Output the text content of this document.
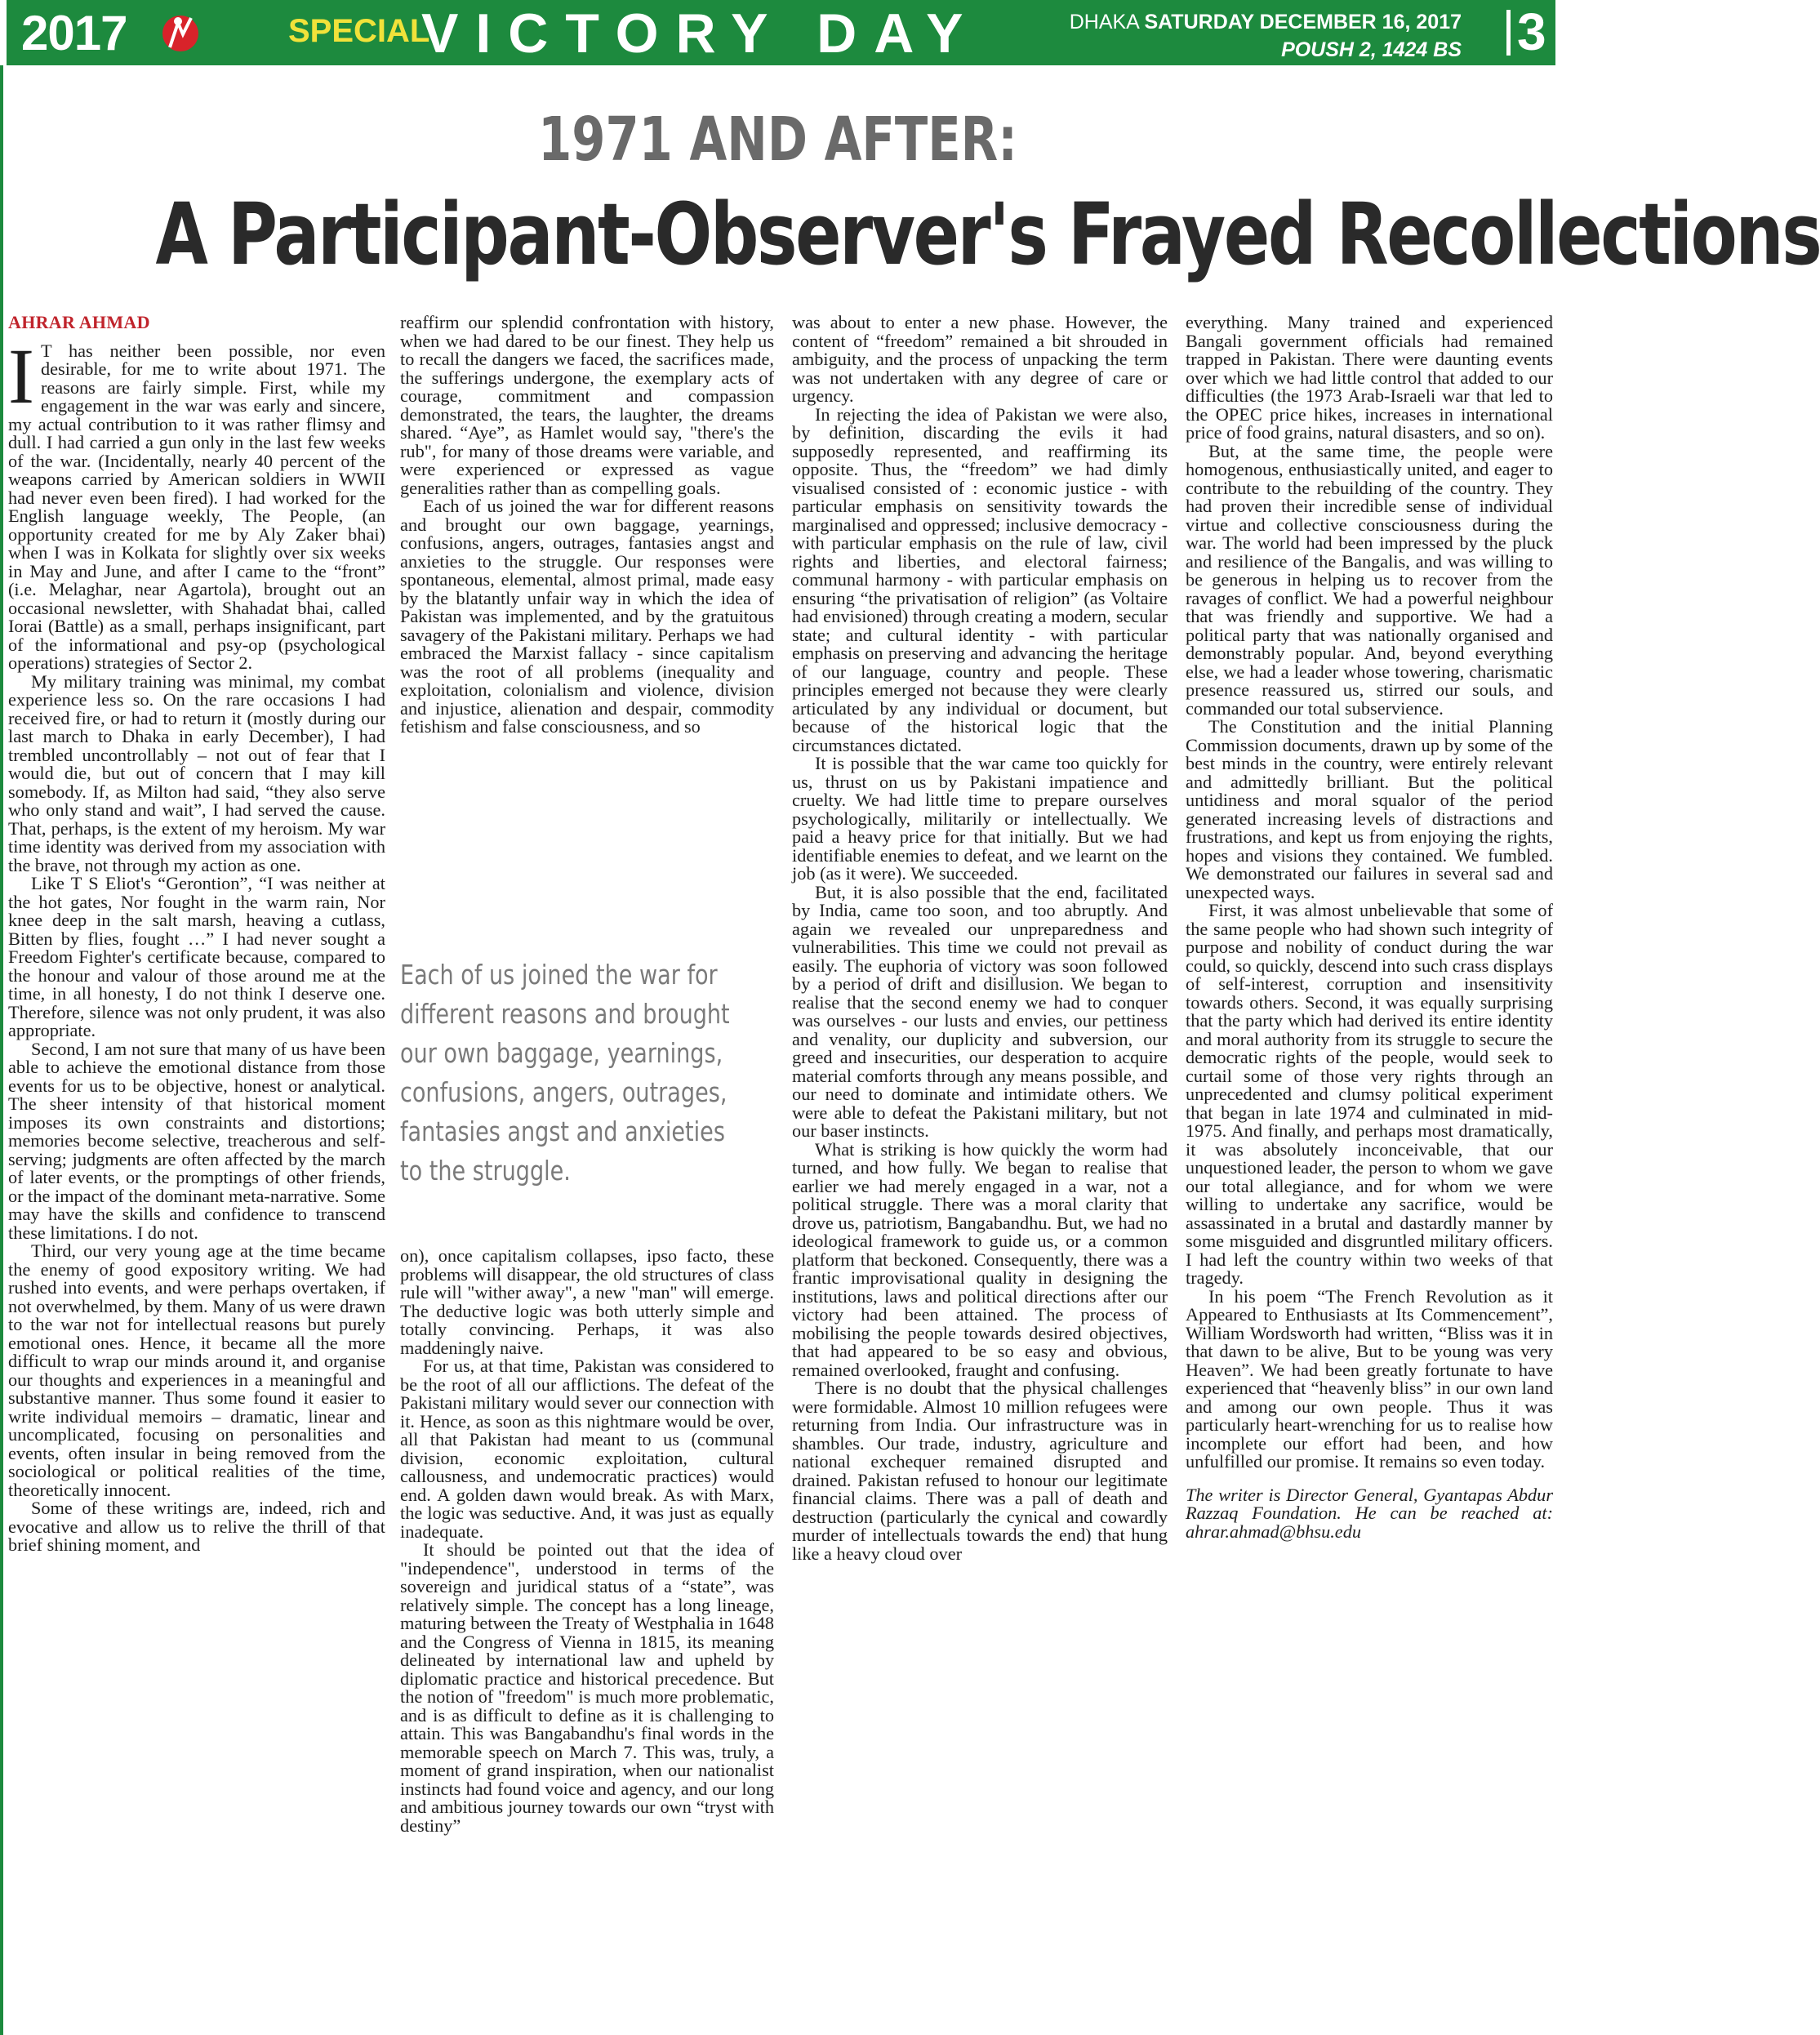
2017	SPECIAL
VICTORY DAY	DHAKA SATURDAY DECEMBER 16, 2017
POUSH 2, 1424 BS 3
1971 AND AFTER:
A Participant-Observer's Frayed Recollections
AHRAR AHMAD

I T has neither been possible, nor even desirable, for me to write about 1971. The reasons are fairly simple. First, while my engagement in the war was early and sincere, my actual contribution to it was rather flimsy and dull. I had carried a gun only in the last few weeks of the war. (Incidentally, nearly 40 percent of the weapons carried by American soldiers in WWII had never even been fired). I had worked for the English language weekly, The People, (an opportunity created for me by Aly Zaker bhai) when I was in Kolkata for slightly over six weeks in May and June, and after I came to the “front” (i.e. Melaghar, near Agartola), brought out an occasional newsletter, with Shahadat bhai, called Iorai (Battle) as a small, perhaps insignificant, part of the informational and psy-op (psychological operations) strategies of Sector 2.

My military training was minimal, my combat experience less so. On the rare occasions I had received fire, or had to return it (mostly during our last march to Dhaka in early December), I had trembled uncontrollably – not out of fear that I would die, but out of concern that I may kill somebody. If, as Milton had said, “they also serve who only stand and wait”, I had served the cause. That, perhaps, is the extent of my heroism. My war time identity was derived from my association with the brave, not through my action as one.

Like T S Eliot's “Gerontion”, “I was neither at the hot gates, Nor fought in the warm rain, Nor knee deep in the salt marsh, heaving a cutlass, Bitten by flies, fought …” I had never sought a Freedom Fighter's certificate because, compared to the honour and valour of those around me at the time, in all honesty, I do not think I deserve one. Therefore, silence was not only prudent, it was also appropriate.

Second, I am not sure that many of us have been able to achieve the emotional distance from those events for us to be objective, honest or analytical. The sheer intensity of that historical moment imposes its own constraints and distortions; memories become selective, treacherous and self-serving; judgments are often affected by the march of later events, or the promptings of other friends, or the impact of the dominant meta-narrative. Some may have the skills and confidence to transcend these limitations. I do not.

Third, our very young age at the time became the enemy of good expository writing. We had rushed into events, and were perhaps overtaken, if not overwhelmed, by them. Many of us were drawn to the war not for intellectual reasons but purely emotional ones. Hence, it became all the more difficult to wrap our minds around it, and organise our thoughts and experiences in a meaningful and substantive manner. Thus some found it easier to write individual memoirs – dramatic, linear and uncomplicated, focusing on personalities and events, often insular in being removed from the sociological or political realities of the time, theoretically innocent.

Some of these writings are, indeed, rich and evocative and allow us to relive the thrill of that brief shining moment, and

reaffirm our splendid confrontation with history, when we had dared to be our finest. They help us to recall the dangers we faced, the sacrifices made, the sufferings undergone, the exemplary acts of courage, commitment and compassion demonstrated, the tears, the laughter, the dreams shared. “Aye”, as Hamlet would say, "there's the rub", for many of those dreams were variable, and were experienced or expressed as vague generalities rather than as compelling goals.

Each of us joined the war for different reasons and brought our own baggage, yearnings, confusions, angers, outrages, fantasies angst and anxieties to the struggle. Our responses were spontaneous, elemental, almost primal, made easy by the blatantly unfair way in which the idea of Pakistan was implemented, and by the gratuitous savagery of the Pakistani military. Perhaps we had embraced the Marxist fallacy - since capitalism was the root of all problems (inequality and exploitation, colonialism and violence, division and injustice, alienation and despair, commodity fetishism and false consciousness, and so

Each of us joined the war for different reasons and brought our own baggage, yearnings, confusions, angers, outrages, fantasies angst and anxieties to the struggle.

on), once capitalism collapses, ipso facto, these problems will disappear, the old structures of class rule will "wither away", a new "man" will emerge. The deductive logic was both utterly simple and totally convincing. Perhaps, it was also maddeningly naive.

For us, at that time, Pakistan was considered to be the root of all our afflictions. The defeat of the Pakistani military would sever our connection with it. Hence, as soon as this nightmare would be over, all that Pakistan had meant to us (communal division, economic exploitation, cultural callousness, and undemocratic practices) would end. A golden dawn would break. As with Marx, the logic was seductive. And, it was just as equally inadequate.

It should be pointed out that the idea of "independence", understood in terms of the sovereign and juridical status of a “state”, was relatively simple. The concept has a long lineage, maturing between the Treaty of Westphalia in 1648 and the Congress of Vienna in 1815, its meaning delineated by international law and upheld by diplomatic practice and historical precedence. But the notion of "freedom" is much more problematic, and is as difficult to define as it is challenging to attain. This was Bangabandhu's final words in the memorable speech on March 7. This was, truly, a moment of grand inspiration, when our nationalist instincts had found voice and agency, and our long and ambitious journey towards our own “tryst with destiny”

was about to enter a new phase. However, the content of “freedom” remained a bit shrouded in ambiguity, and the process of unpacking the term was not undertaken with any degree of care or urgency.

In rejecting the idea of Pakistan we were also, by definition, discarding the evils it had supposedly represented, and reaffirming its opposite. Thus, the “freedom” we had dimly visualised consisted of : economic justice - with particular emphasis on sensitivity towards the marginalised and oppressed; inclusive democracy - with particular emphasis on the rule of law, civil rights and liberties, and electoral fairness; communal harmony - with particular emphasis on ensuring “the privatisation of religion” (as Voltaire had envisioned) through creating a modern, secular state; and cultural identity - with particular emphasis on preserving and advancing the heritage of our language, country and people. These principles emerged not because they were clearly articulated by any individual or document, but because of the historical logic that the circumstances dictated.

It is possible that the war came too quickly for us, thrust on us by Pakistani impatience and cruelty. We had little time to prepare ourselves psychologically, militarily or intellectually. We paid a heavy price for that initially. But we had identifiable enemies to defeat, and we learnt on the job (as it were). We succeeded.

But, it is also possible that the end, facilitated by India, came too soon, and too abruptly. And again we revealed our unpreparedness and vulnerabilities. This time we could not prevail as easily. The euphoria of victory was soon followed by a period of drift and disillusion. We began to realise that the second enemy we had to conquer was ourselves - our lusts and envies, our pettiness and venality, our duplicity and subversion, our greed and insecurities, our desperation to acquire material comforts through any means possible, and our need to dominate and intimidate others. We were able to defeat the Pakistani military, but not our baser instincts.

What is striking is how quickly the worm had turned, and how fully. We began to realise that earlier we had merely engaged in a war, not a political struggle. There was a moral clarity that drove us, patriotism, Bangabandhu. But, we had no ideological framework to guide us, or a common platform that beckoned. Consequently, there was a frantic improvisational quality in designing the institutions, laws and political directions after our victory had been attained. The process of mobilising the people towards desired objectives, that had appeared to be so easy and obvious, remained overlooked, fraught and confusing.

There is no doubt that the physical challenges were formidable. Almost 10 million refugees were returning from India. Our infrastructure was in shambles. Our trade, industry, agriculture and national exchequer remained disrupted and drained. Pakistan refused to honour our legitimate financial claims. There was a pall of death and destruction (particularly the cynical and cowardly murder of intellectuals towards the end) that hung like a heavy cloud over

everything. Many trained and experienced Bangali government officials had remained trapped in Pakistan. There were daunting events over which we had little control that added to our difficulties (the 1973 Arab-Israeli war that led to the OPEC price hikes, increases in international price of food grains, natural disasters, and so on).

But, at the same time, the people were homogenous, enthusiastically united, and eager to contribute to the rebuilding of the country. They had proven their incredible sense of individual virtue and collective consciousness during the war. The world had been impressed by the pluck and resilience of the Bangalis, and was willing to be generous in helping us to recover from the ravages of conflict. We had a powerful neighbour that was friendly and supportive. We had a political party that was nationally organised and demonstrably popular. And, beyond everything else, we had a leader whose towering, charismatic presence reassured us, stirred our souls, and commanded our total subservience.

The Constitution and the initial Planning Commission documents, drawn up by some of the best minds in the country, were entirely relevant and admittedly brilliant. But the political untidiness and moral squalor of the period generated increasing levels of distractions and frustrations, and kept us from enjoying the rights, hopes and visions they contained. We fumbled. We demonstrated our failures in several sad and unexpected ways.

First, it was almost unbelievable that some of the same people who had shown such integrity of purpose and nobility of conduct during the war could, so quickly, descend into such crass displays of self-interest, corruption and insensitivity towards others. Second, it was equally surprising that the party which had derived its entire identity and moral authority from its struggle to secure the democratic rights of the people, would seek to curtail some of those very rights through an unprecedented and clumsy political experiment that began in late 1974 and culminated in mid-1975. And finally, and perhaps most dramatically, it was absolutely inconceivable, that our unquestioned leader, the person to whom we gave our total allegiance, and for whom we were willing to undertake any sacrifice, would be assassinated in a brutal and dastardly manner by some misguided and disgruntled military officers. I had left the country within two weeks of that tragedy.

In his poem “The French Revolution as it Appeared to Enthusiasts at Its Commencement”, William Wordsworth had written, “Bliss was it in that dawn to be alive, But to be young was very Heaven”. We had been greatly fortunate to have experienced that “heavenly bliss” in our own land and among our own people. Thus it was particularly heart-wrenching for us to realise how incomplete our effort had been, and how unfulfilled our promise. It remains so even today.

The writer is Director General, Gyantapas Abdur Razzaq Foundation. He can be reached at: ahrar.ahmad@bhsu.edu
